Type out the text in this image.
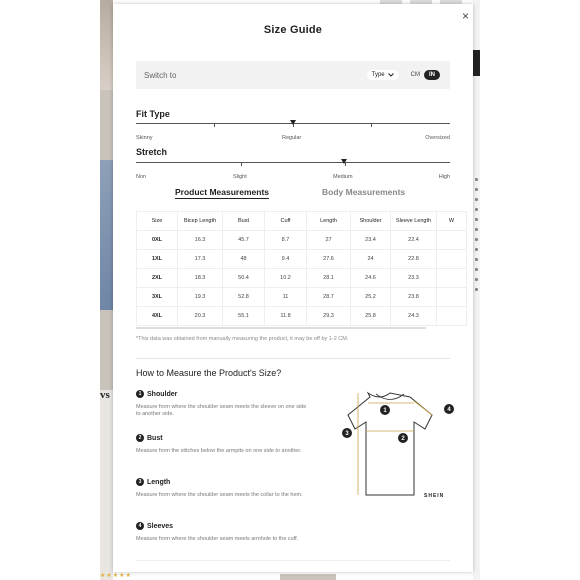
vs
★★★★★
×
Size Guide
Switch to	Type	CM	IN
Fit Type
Skinny	Regular	Oversized
Stretch
Non	Slight	Medium	High
Product Measurements	Body Measurements
Size	Bicep Length	Bust	Cuff	Length	Shoulder	Sleeve Length	W
0XL	16.3	45.7	8.7	27	23.4	22.4	
1XL	17.3	48	9.4	27.6	24	22.8	
2XL	18.3	50.4	10.2	28.1	24.6	23.3	
3XL	19.3	52.8	11	28.7	25.2	23.8	
4XL	20.3	55.1	11.8	29.3	25.8	24.3	
*This data was obtained from manually measuring the product, it may be off by 1-2 CM.
How to Measure the Product's Size?
1 Shoulder
Measure from where the shoulder seam meets the sleeve on one side to another side.
2 Bust
Measure from the stitches below the armpits on one side to another.
3 Length
Measure from where the shoulder seam meets the collar to the hem.
4 Sleeves
Measure from where the shoulder seam meets armhole to the cuff.
1
2
3
4
SHEIN
